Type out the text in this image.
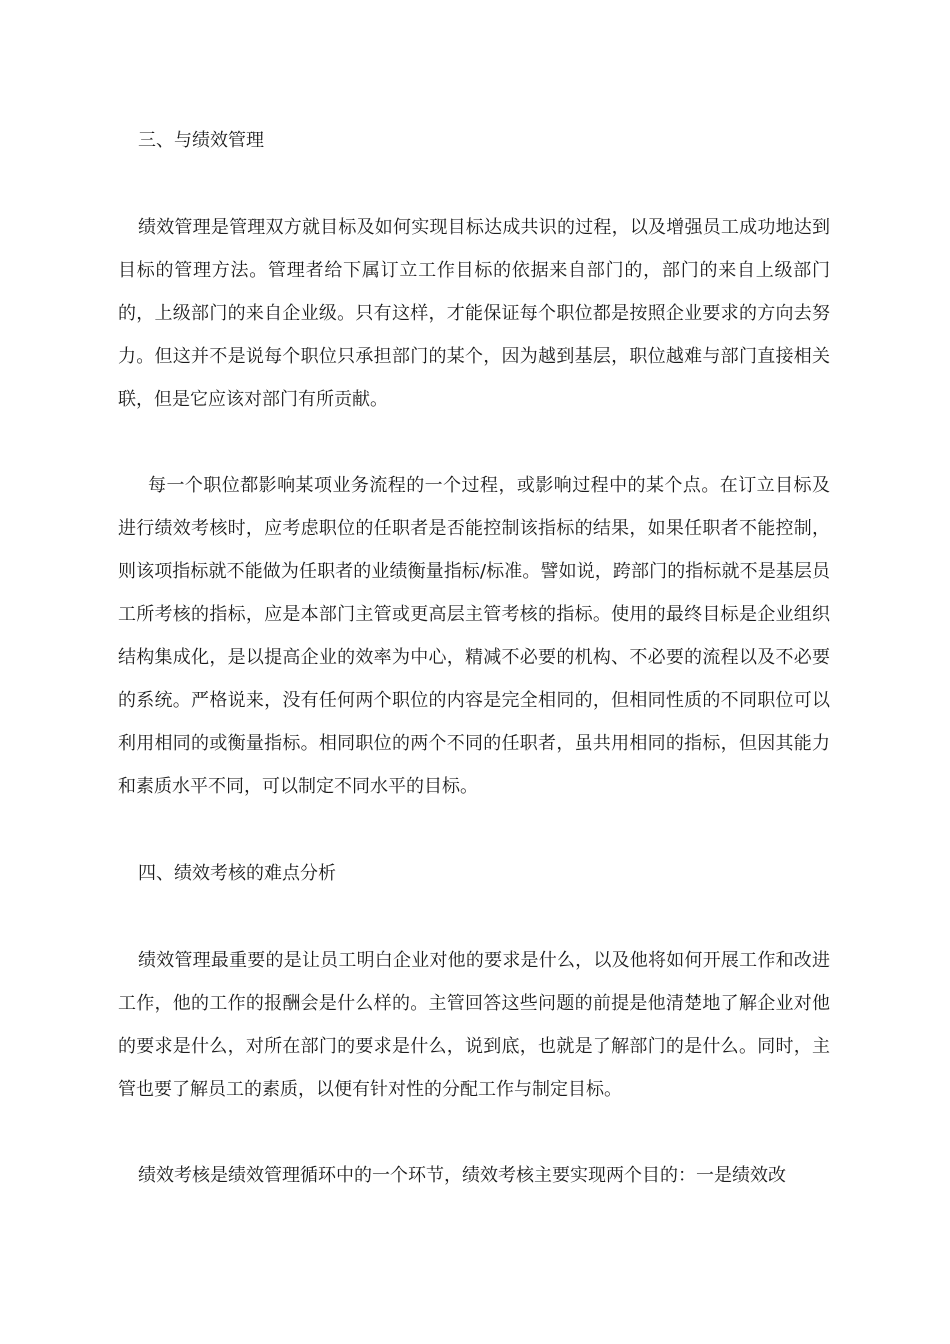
三、与绩效管理

绩效管理是管理双方就目标及如何实现目标达成共识的过程，以及增强员工成功地达到目标的管理方法。管理者给下属订立工作目标的依据来自部门的，部门的来自上级部门的，上级部门的来自企业级。只有这样，才能保证每个职位都是按照企业要求的方向去努力。但这并不是说每个职位只承担部门的某个，因为越到基层，职位越难与部门直接相关联，但是它应该对部门有所贡献。

每一个职位都影响某项业务流程的一个过程，或影响过程中的某个点。在订立目标及进行绩效考核时，应考虑职位的任职者是否能控制该指标的结果，如果任职者不能控制，则该项指标就不能做为任职者的业绩衡量指标/标准。譬如说，跨部门的指标就不是基层员工所考核的指标，应是本部门主管或更高层主管考核的指标。使用的最终目标是企业组织结构集成化，是以提高企业的效率为中心，精减不必要的机构、不必要的流程以及不必要的系统。严格说来，没有任何两个职位的内容是完全相同的，但相同性质的不同职位可以利用相同的或衡量指标。相同职位的两个不同的任职者，虽共用相同的指标，但因其能力和素质水平不同，可以制定不同水平的目标。

四、绩效考核的难点分析

绩效管理最重要的是让员工明白企业对他的要求是什么，以及他将如何开展工作和改进工作，他的工作的报酬会是什么样的。主管回答这些问题的前提是他清楚地了解企业对他的要求是什么，对所在部门的要求是什么，说到底，也就是了解部门的是什么。同时，主管也要了解员工的素质，以便有针对性的分配工作与制定目标。

绩效考核是绩效管理循环中的一个环节，绩效考核主要实现两个目的：一是绩效改
